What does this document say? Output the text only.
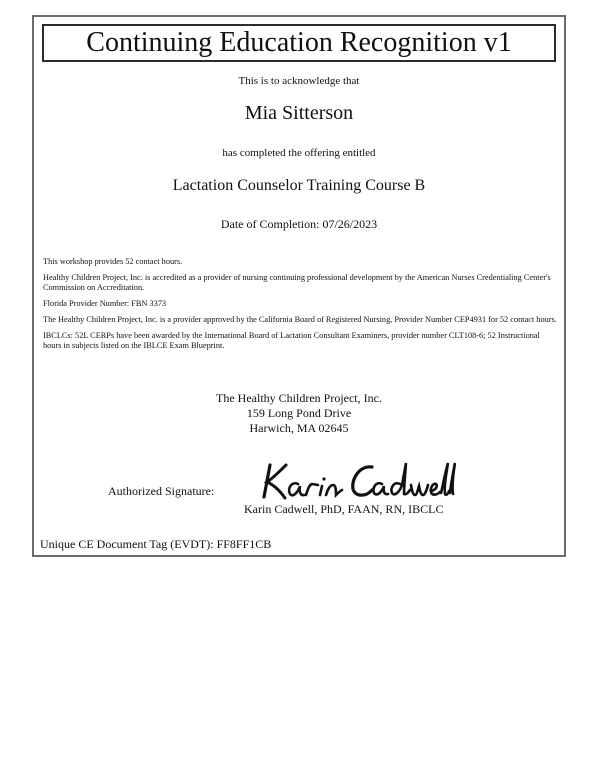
Continuing Education Recognition v1
This is to acknowledge that
Mia Sitterson
has completed the offering entitled
Lactation Counselor Training Course B
Date of Completion: 07/26/2023

This workshop provides 52 contact hours.

Healthy Children Project, Inc. is accredited as a provider of nursing continuing professional development by the American Nurses Credentialing Center's Commission on Accreditation.

Florida Provider Number: FBN 3373

The Healthy Children Project, Inc. is a provider approved by the California Board of Registered Nursing, Provider Number CEP4931 for 52 contact hours.

IBCLCs: 52L CERPs have been awarded by the International Board of Lactation Consultant Examiners, provider number CLT108-6; 52 Instructional hours in subjects listed on the IBLCE Exam Blueprint.

The Healthy Children Project, Inc.
159 Long Pond Drive
Harwich, MA 02645
Authorized Signature:
Karin Cadwell, PhD, FAAN, RN, IBCLC
Unique CE Document Tag (EVDT): FF8FF1CB
